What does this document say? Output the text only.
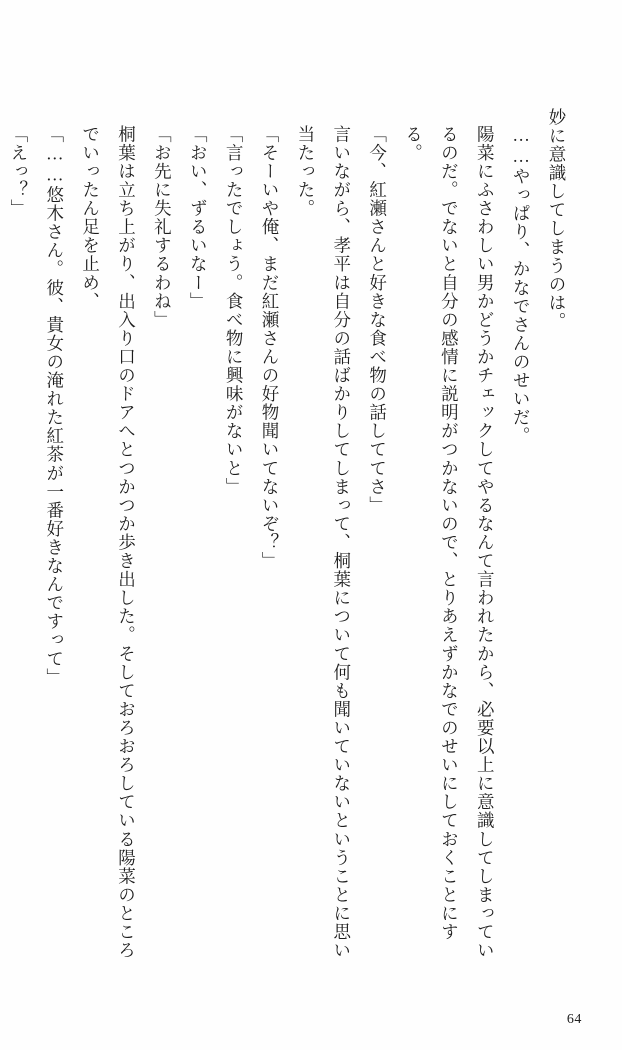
妙に意識してしまうのは。
……やっぱり、かなでさんのせいだ。
陽菜にふさわしい男かどうかチェックしてやるなんて言われたから、必要以上に意識してしまっているのだ。でないと自分の感情に説明がつかないので、とりあえずかなでのせいにしておくことにする。
「今、紅瀬さんと好きな食べ物の話しててさ」
言いながら、孝平は自分の話ばかりしてしまって、桐葉について何も聞いていないということに思い当たった。
「そーいや俺、まだ紅瀬さんの好物聞いてないぞ？」
「言ったでしょう。食べ物に興味がないと」
「おい、ずるいなー」
「お先に失礼するわね」
桐葉は立ち上がり、出入り口のドアへとつかつか歩き出した。そしておろおろしている陽菜のところでいったん足を止め、
「……悠木さん。彼、貴女の淹れた紅茶が一番好きなんですって」
「えっ？」
64
